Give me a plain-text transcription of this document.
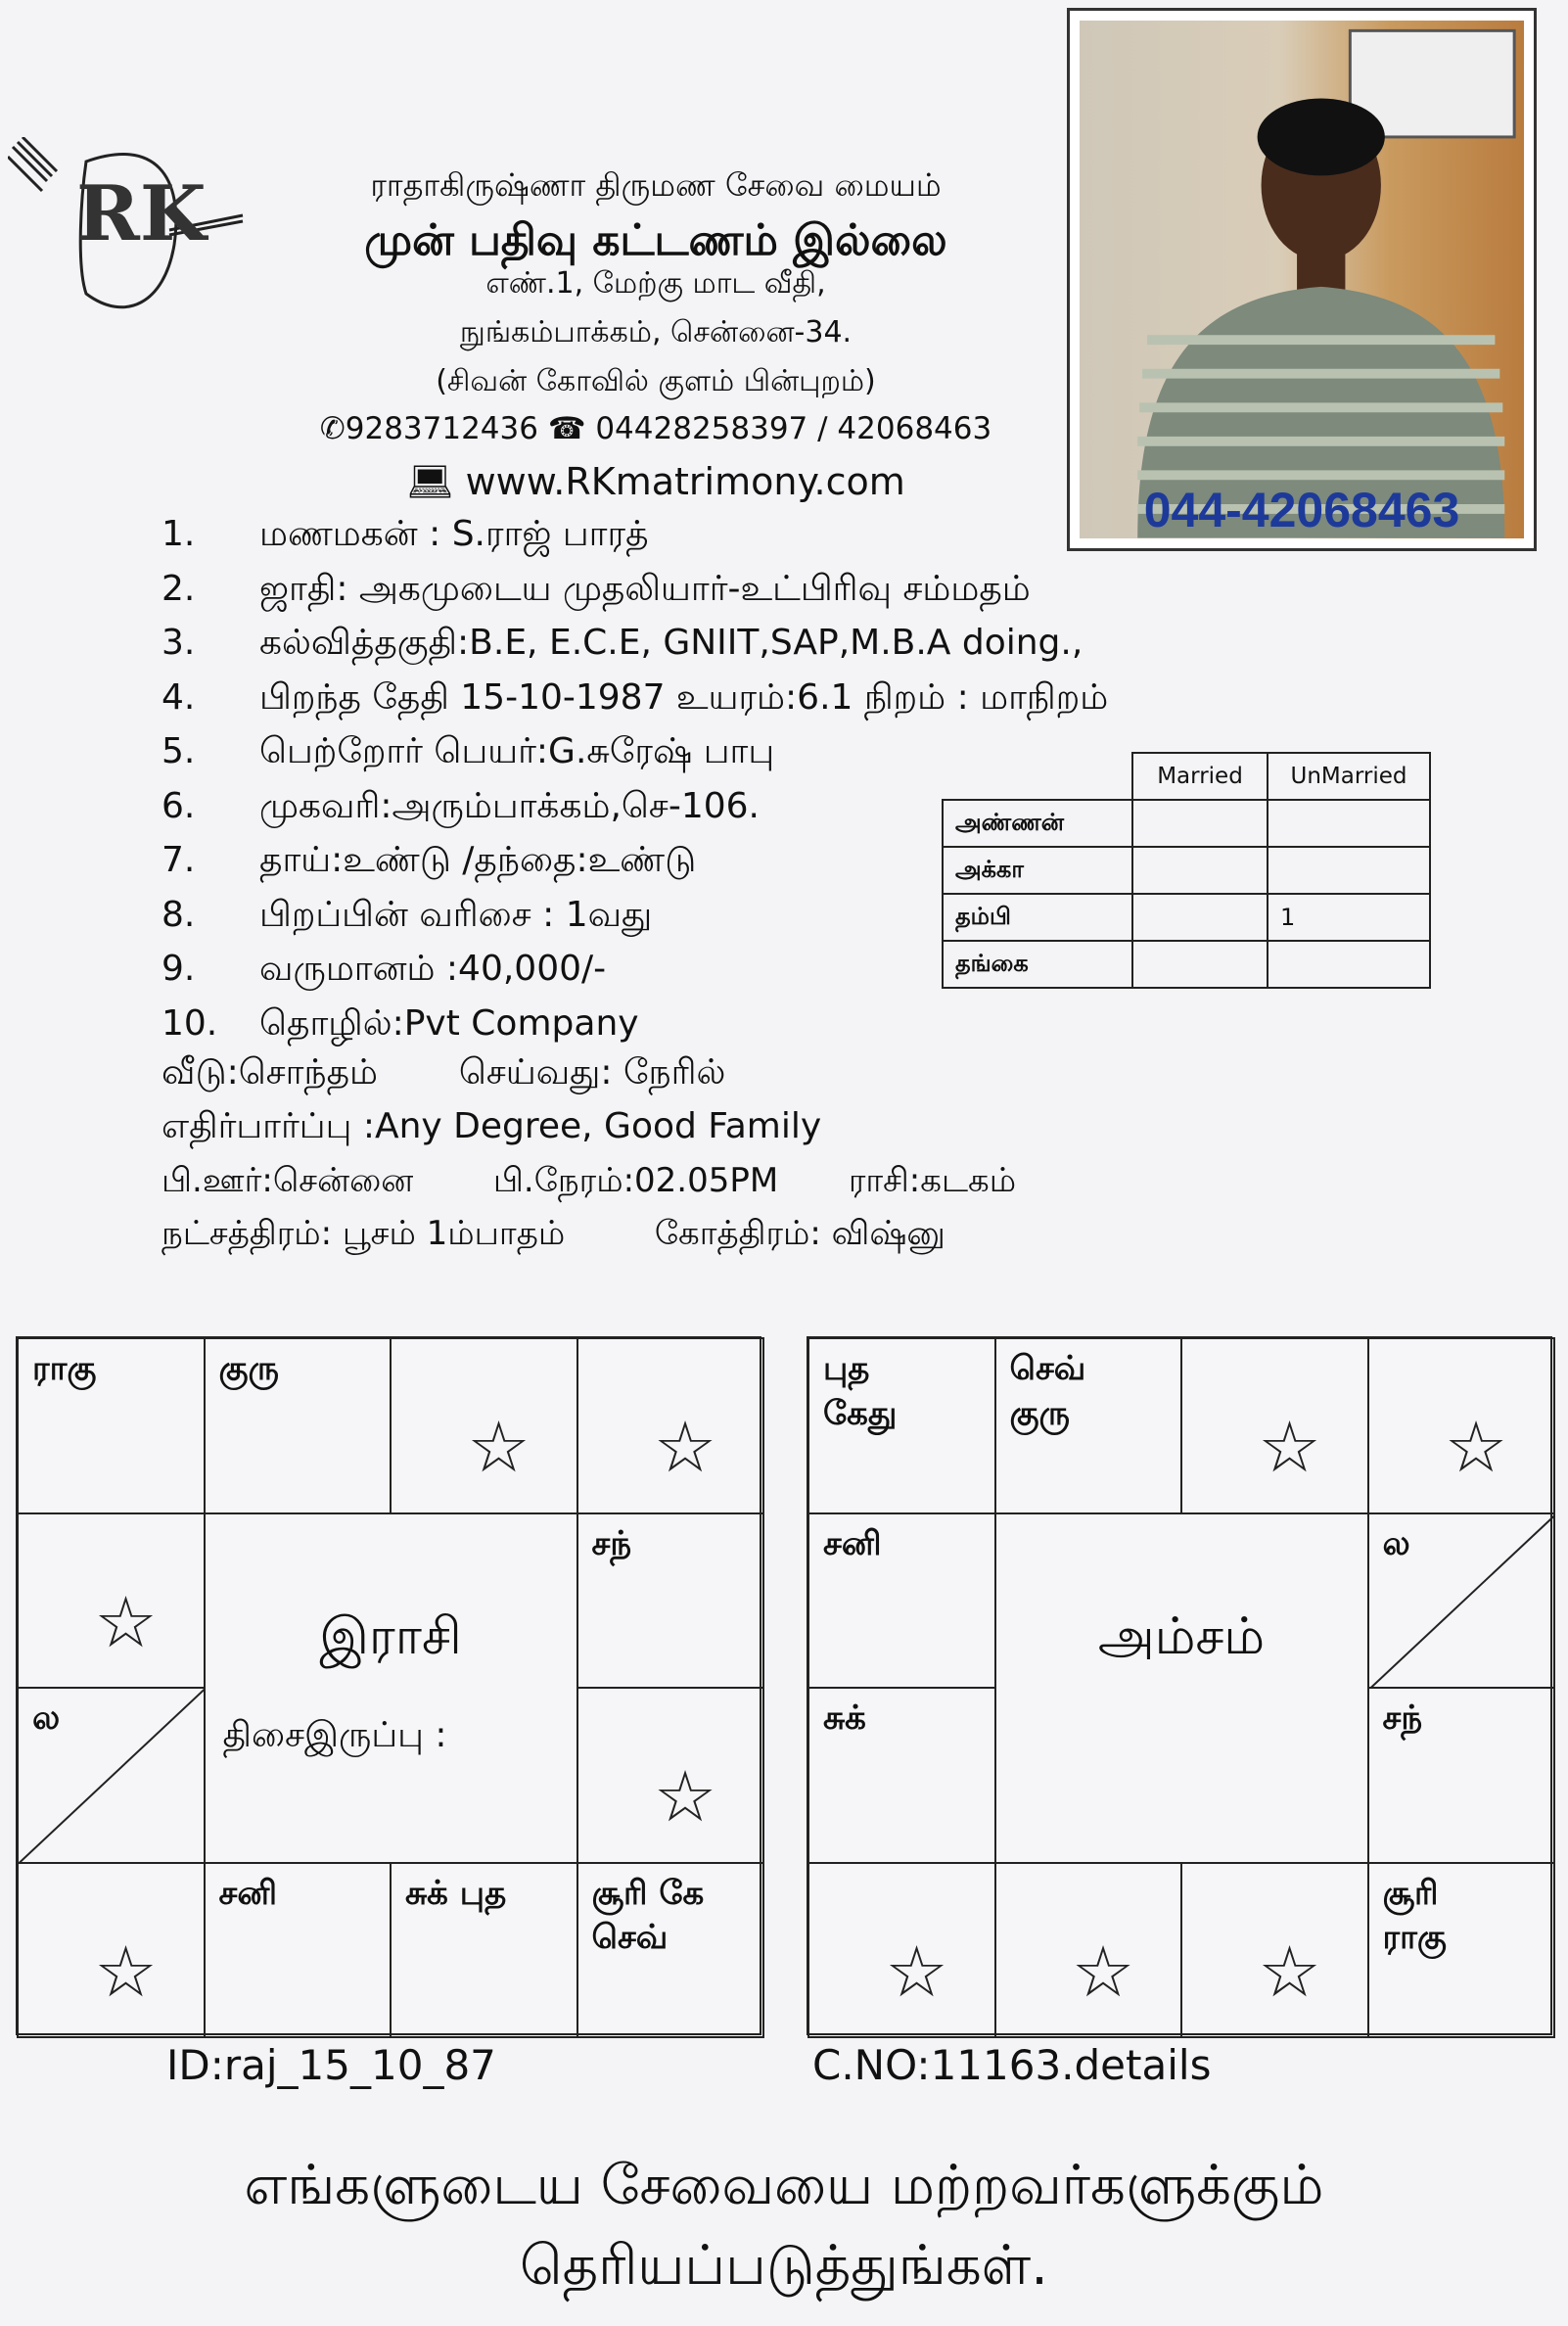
RK	ராதாகிருஷ்ணா திருமண சேவை மையம்
முன் பதிவு கட்டணம் இல்லை
எண்.1, மேற்கு மாட வீதி,
நுங்கம்பாக்கம், சென்னை-34.
(சிவன் கோவில் குளம் பின்புறம்)
✆9283712436 ☎ 04428258397 / 42068463
💻︎ www.RKmatrimony.com
044-42068463
1. மணமகன் : S.ராஜ் பாரத்
2. ஜாதி: அகமுடைய முதலியார்-உட்பிரிவு சம்மதம்
3. கல்வித்தகுதி:B.E, E.C.E, GNIIT,SAP,M.B.A doing.,
4. பிறந்த தேதி 15-10-1987 உயரம்:6.1 நிறம் : மாநிறம்
5. பெற்றோர் பெயர்:G.சுரேஷ் பாபு
6. முகவரி:அரும்பாக்கம்,செ-106.
7. தாய்:உண்டு /தந்தை:உண்டு
8. பிறப்பின் வரிசை : 1வது
9. வருமானம் :40,000/-
10. தொழில்:Pvt Company
வீடு:சொந்தம் செய்வது: நேரில்
எதிர்பார்ப்பு :Any Degree, Good Family
பி.ஊர்:சென்னை பி.நேரம்:02.05PM ராசி:கடகம்
நட்சத்திரம்: பூசம் 1ம்பாதம்	கோத்திரம்: விஷ்னு
	Married	UnMarried
அண்ணன்		
அக்கா		
தம்பி		1
தங்கை		
ராகு	குரு
☆ ☆
☆
சந்
ல
☆
☆
சனி	சுக் புத	சூரி கே
செவ்
இராசி
திசைஇருப்பு :
புத
கேது
செவ்
குரு	☆ ☆
சனி	ல
சுக்	சந்
☆ ☆ ☆
சூரி
ராகு
அம்சம்
ID:raj_15_10_87	C.NO:11163.details
எங்களுடைய சேவையை மற்றவர்களுக்கும்
தெரியப்படுத்துங்கள்.
